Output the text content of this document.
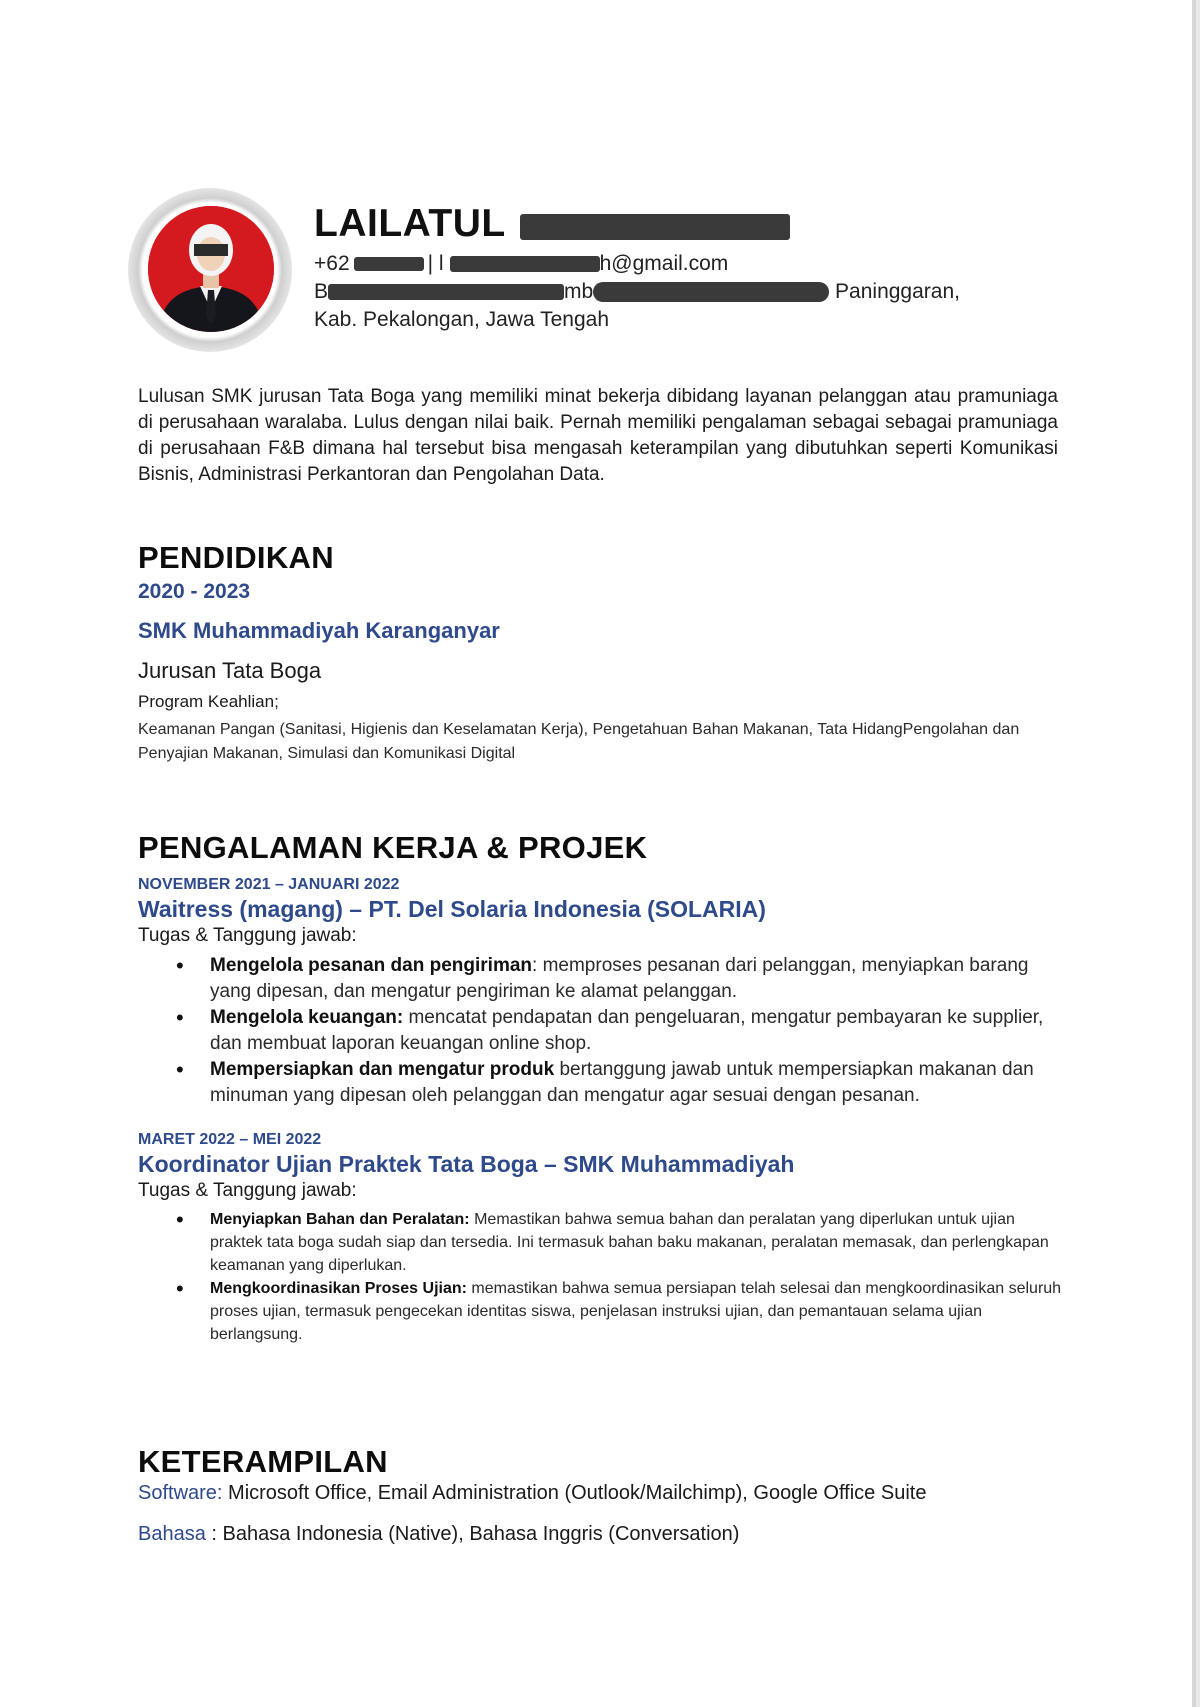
LAILATUL
+62	| l	h@gmail.com
B	mb	Paninggaran,
Kab. Pekalongan, Jawa Tengah

Lulusan SMK jurusan Tata Boga yang memiliki minat bekerja dibidang layanan pelanggan atau pramuniaga di perusahaan waralaba. Lulus dengan nilai baik. Pernah memiliki pengalaman sebagai sebagai pramuniaga di perusahaan F&B dimana hal tersebut bisa mengasah keterampilan yang dibutuhkan seperti Komunikasi Bisnis, Administrasi Perkantoran dan Pengolahan Data.

PENDIDIKAN
2020 - 2023
SMK Muhammadiyah Karanganyar
Jurusan Tata Boga
Program Keahlian;
Keamanan Pangan (Sanitasi, Higienis dan Keselamatan Kerja), Pengetahuan Bahan Makanan, Tata HidangPengolahan dan Penyajian Makanan, Simulasi dan Komunikasi Digital
PENGALAMAN KERJA & PROJEK
NOVEMBER 2021 – JANUARI 2022
Waitress (magang) – PT. Del Solaria Indonesia (SOLARIA)
Tugas & Tanggung jawab:
• Mengelola pesanan dan pengiriman: memproses pesanan dari pelanggan, menyiapkan barang yang dipesan, dan mengatur pengiriman ke alamat pelanggan.
• Mengelola keuangan: mencatat pendapatan dan pengeluaran, mengatur pembayaran ke supplier, dan membuat laporan keuangan online shop.
• Mempersiapkan dan mengatur produk bertanggung jawab untuk mempersiapkan makanan dan minuman yang dipesan oleh pelanggan dan mengatur agar sesuai dengan pesanan.
MARET 2022 – MEI 2022
Koordinator Ujian Praktek Tata Boga – SMK Muhammadiyah
Tugas & Tanggung jawab:
• Menyiapkan Bahan dan Peralatan: Memastikan bahwa semua bahan dan peralatan yang diperlukan untuk ujian praktek tata boga sudah siap dan tersedia. Ini termasuk bahan baku makanan, peralatan memasak, dan perlengkapan keamanan yang diperlukan.
• Mengkoordinasikan Proses Ujian: memastikan bahwa semua persiapan telah selesai dan mengkoordinasikan seluruh proses ujian, termasuk pengecekan identitas siswa, penjelasan instruksi ujian, dan pemantauan selama ujian berlangsung.
KETERAMPILAN
Software: Microsoft Office, Email Administration (Outlook/Mailchimp), Google Office Suite
Bahasa : Bahasa Indonesia (Native), Bahasa Inggris (Conversation)
